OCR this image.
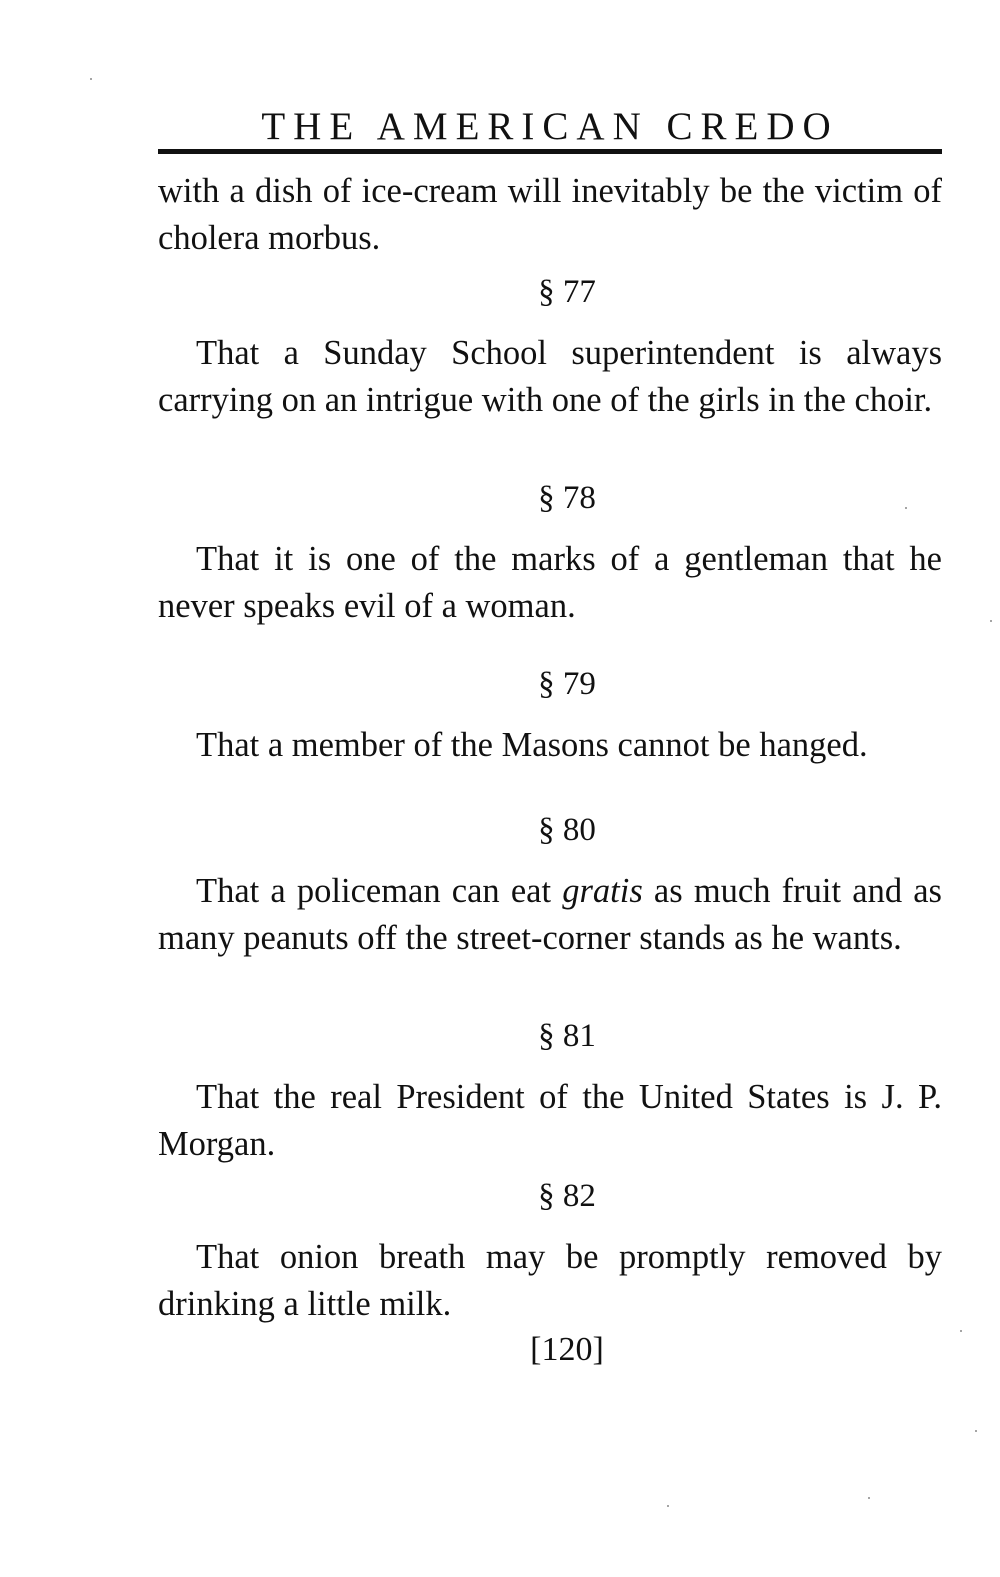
THE AMERICAN CREDO

with a dish of ice-cream will inevitably be the victim of cholera morbus.

§ 77

That a Sunday School superintendent is always carrying on an intrigue with one of the girls in the choir.

§ 78

That it is one of the marks of a gentleman that he never speaks evil of a woman.

§ 79

That a member of the Masons cannot be hanged.

§ 80

That a policeman can eat gratis as much fruit and as many peanuts off the street-corner stands as he wants.

§ 81

That the real President of the United States is J. P. Morgan.

§ 82

That onion breath may be promptly removed by drinking a little milk.

[120]
